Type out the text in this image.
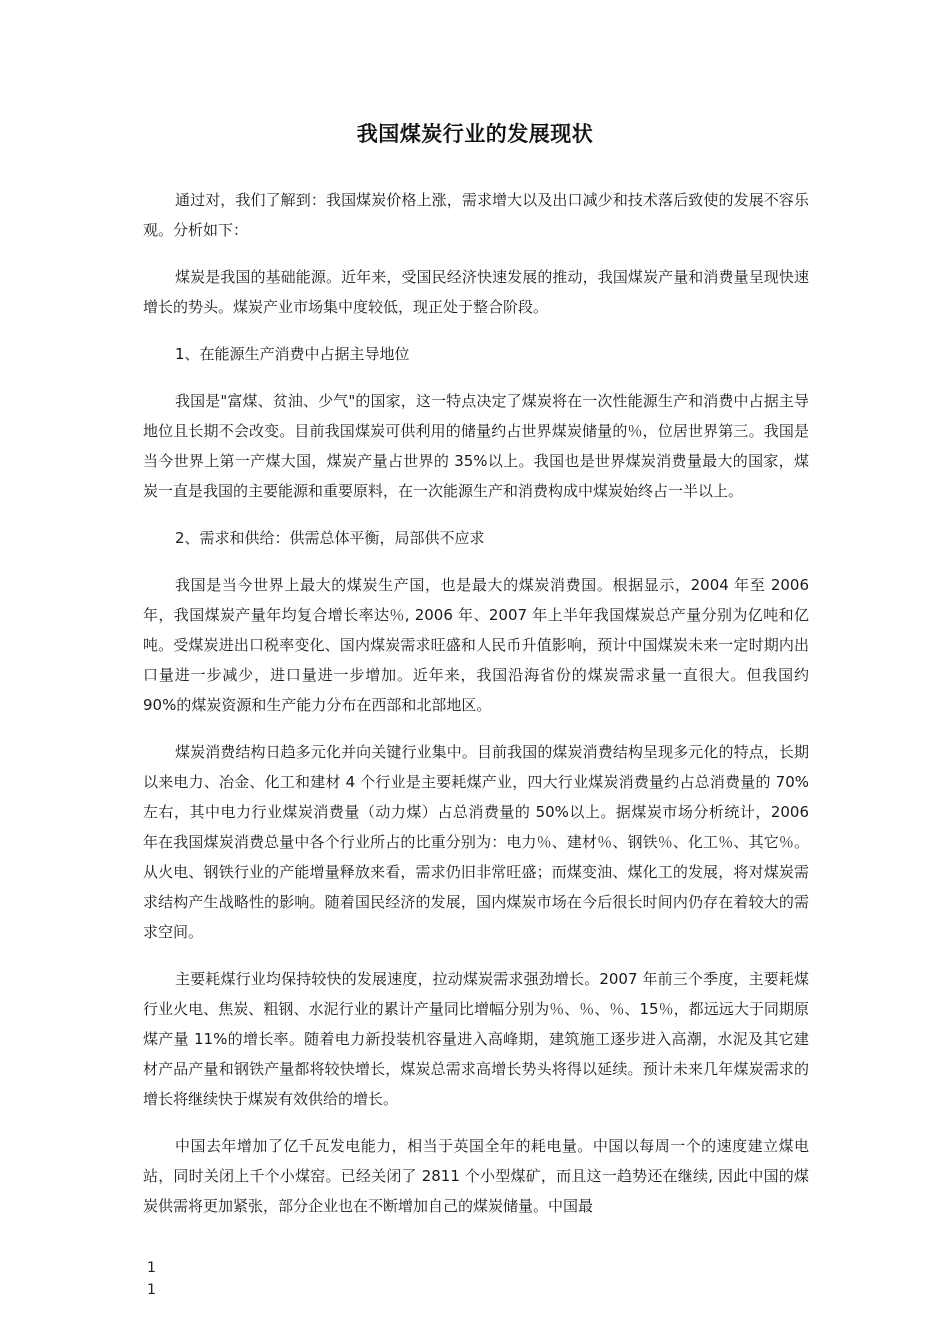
我国煤炭行业的发展现状

通过对，我们了解到：我国煤炭价格上涨，需求增大以及出口减少和技术落后致使的发展不容乐观。分析如下：

煤炭是我国的基础能源。近年来，受国民经济快速发展的推动，我国煤炭产量和消费量呈现快速增长的势头。煤炭产业市场集中度较低，现正处于整合阶段。

1、在能源生产消费中占据主导地位

我国是"富煤、贫油、少气"的国家，这一特点决定了煤炭将在一次性能源生产和消费中占据主导地位且长期不会改变。目前我国煤炭可供利用的储量约占世界煤炭储量的％，位居世界第三。我国是当今世界上第一产煤大国，煤炭产量占世界的 35%以上。我国也是世界煤炭消费量最大的国家，煤炭一直是我国的主要能源和重要原料，在一次能源生产和消费构成中煤炭始终占一半以上。

2、需求和供给：供需总体平衡，局部供不应求

我国是当今世界上最大的煤炭生产国，也是最大的煤炭消费国。根据显示，2004 年至 2006 年，我国煤炭产量年均复合增长率达％, 2006 年、2007 年上半年我国煤炭总产量分别为亿吨和亿吨。受煤炭进出口税率变化、国内煤炭需求旺盛和人民币升值影响，预计中国煤炭未来一定时期内出口量进一步减少，进口量进一步增加。近年来，我国沿海省份的煤炭需求量一直很大。但我国约 90%的煤炭资源和生产能力分布在西部和北部地区。

煤炭消费结构日趋多元化并向关键行业集中。目前我国的煤炭消费结构呈现多元化的特点，长期以来电力、冶金、化工和建材 4 个行业是主要耗煤产业，四大行业煤炭消费量约占总消费量的 70%左右，其中电力行业煤炭消费量（动力煤）占总消费量的 50%以上。据煤炭市场分析统计，2006 年在我国煤炭消费总量中各个行业所占的比重分别为：电力％、建材％、钢铁％、化工％、其它％。从火电、钢铁行业的产能增量释放来看，需求仍旧非常旺盛；而煤变油、煤化工的发展，将对煤炭需求结构产生战略性的影响。随着国民经济的发展，国内煤炭市场在今后很长时间内仍存在着较大的需求空间。

主要耗煤行业均保持较快的发展速度，拉动煤炭需求强劲增长。2007 年前三个季度，主要耗煤行业火电、焦炭、粗钢、水泥行业的累计产量同比增幅分别为％、％、％、15％，都远远大于同期原煤产量 11%的增长率。随着电力新投装机容量进入高峰期，建筑施工逐步进入高潮，水泥及其它建材产品产量和钢铁产量都将较快增长，煤炭总需求高增长势头将得以延续。预计未来几年煤炭需求的增长将继续快于煤炭有效供给的增长。

中国去年增加了亿千瓦发电能力，相当于英国全年的耗电量。中国以每周一个的速度建立煤电站，同时关闭上千个小煤窑。已经关闭了 2811 个小型煤矿，而且这一趋势还在继续, 因此中国的煤炭供需将更加紧张，部分企业也在不断增加自己的煤炭储量。中国最

1
1
